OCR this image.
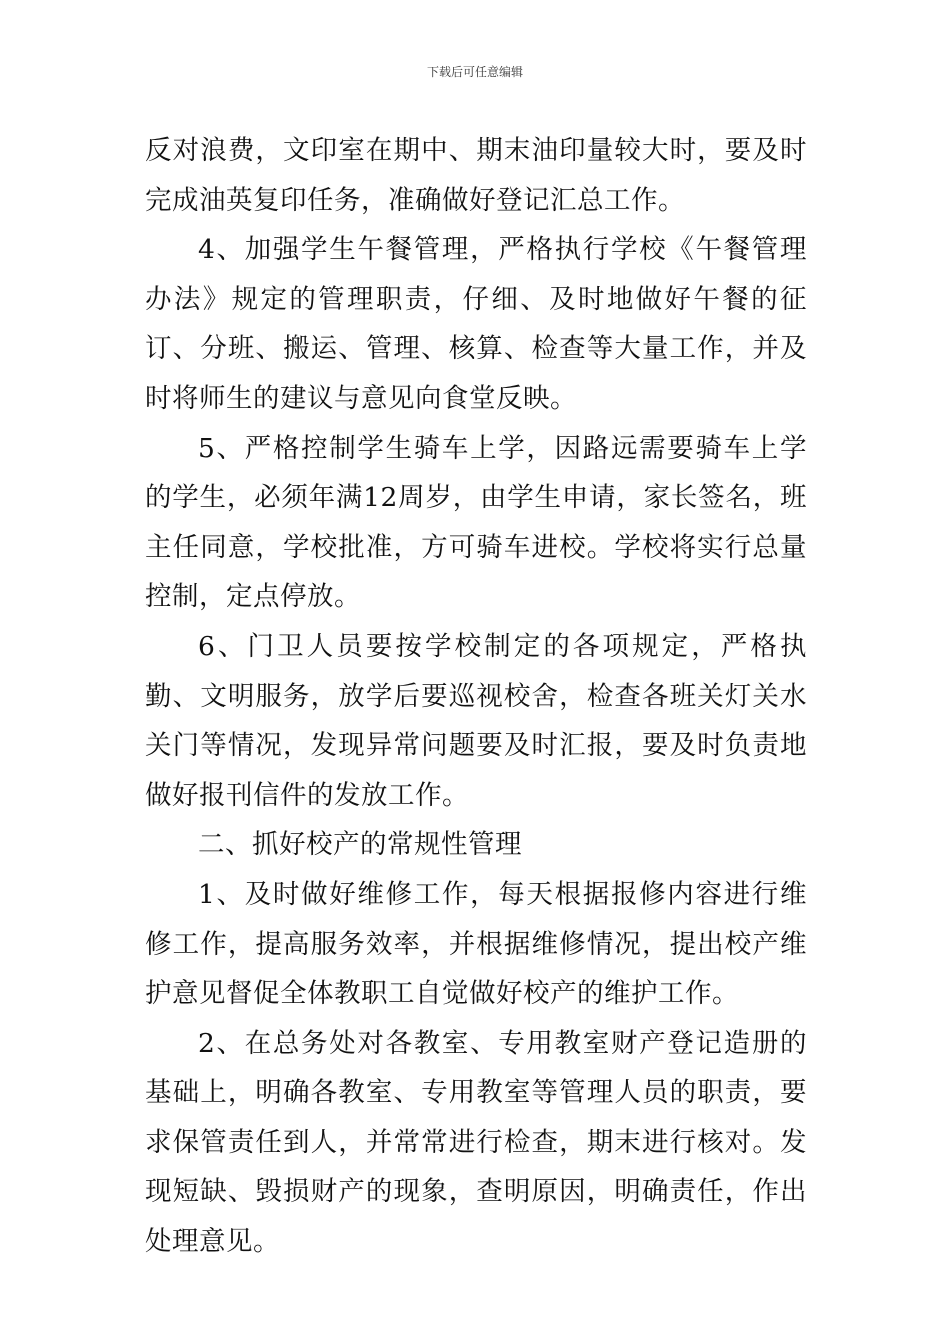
下载后可任意编辑

反对浪费，文印室在期中、期末油印量较大时，要及时完成油英复印任务，准确做好登记汇总工作。

4、加强学生午餐管理，严格执行学校《午餐管理办法》规定的管理职责，仔细、及时地做好午餐的征订、分班、搬运、管理、核算、检查等大量工作，并及时将师生的建议与意见向食堂反映。

5、严格控制学生骑车上学，因路远需要骑车上学的学生，必须年满12周岁，由学生申请，家长签名，班主任同意，学校批准，方可骑车进校。学校将实行总量控制，定点停放。

6、门卫人员要按学校制定的各项规定，严格执勤、文明服务，放学后要巡视校舍，检查各班关灯关水关门等情况，发现异常问题要及时汇报，要及时负责地做好报刊信件的发放工作。

二、抓好校产的常规性管理

1、及时做好维修工作，每天根据报修内容进行维修工作，提高服务效率，并根据维修情况，提出校产维护意见督促全体教职工自觉做好校产的维护工作。

2、在总务处对各教室、专用教室财产登记造册的基础上，明确各教室、专用教室等管理人员的职责，要求保管责任到人，并常常进行检查，期末进行核对。发现短缺、毁损财产的现象，查明原因，明确责任，作出处理意见。
